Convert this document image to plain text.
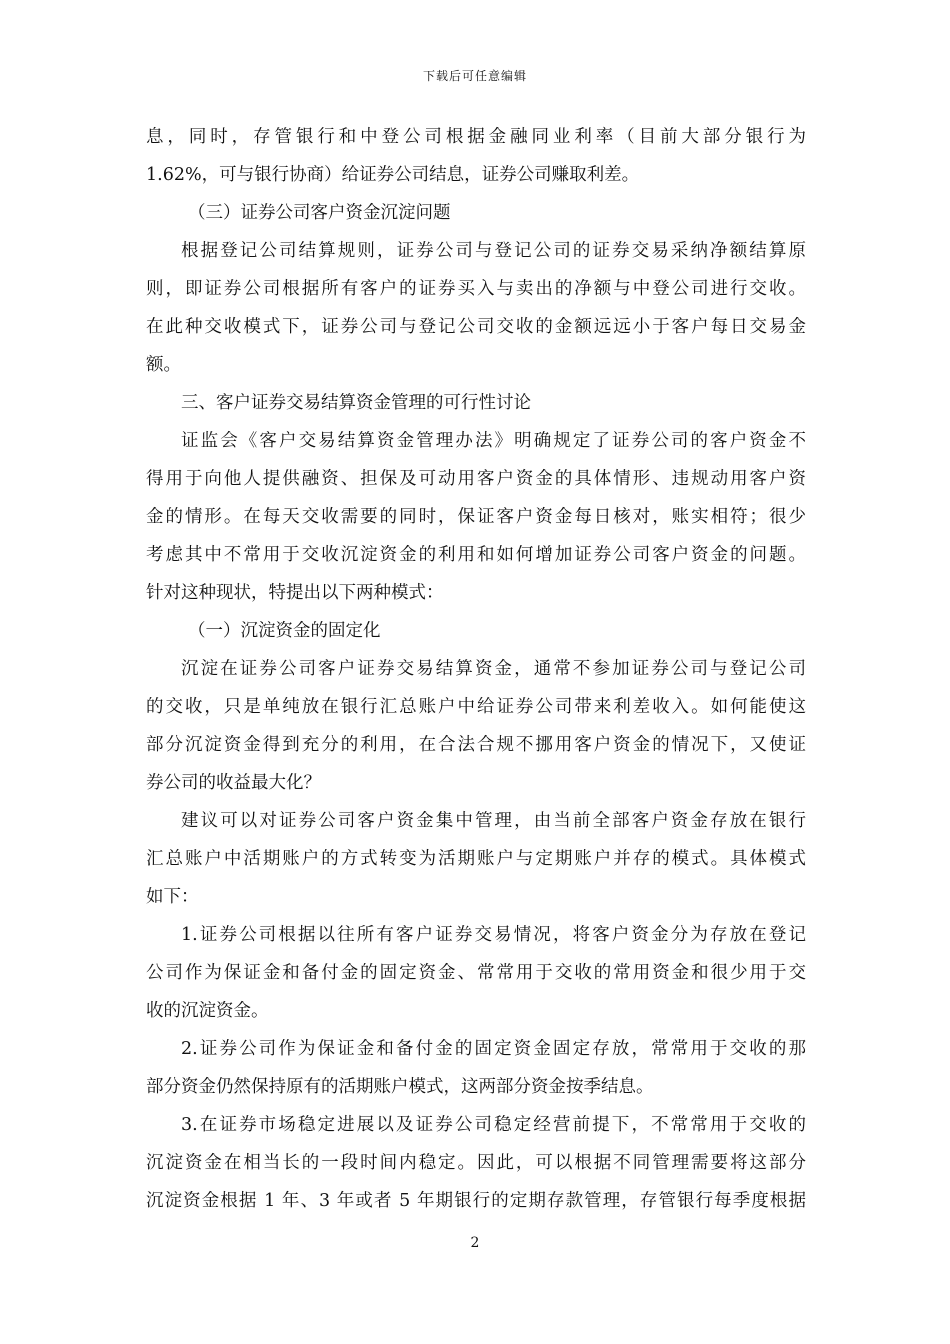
下载后可任意编辑
息，同时，存管银行和中登公司根据金融同业利率（目前大部分银行为
1.62%，可与银行协商）给证券公司结息，证券公司赚取利差。
（三）证券公司客户资金沉淀问题
根据登记公司结算规则，证券公司与登记公司的证券交易采纳净额结算原
则，即证券公司根据所有客户的证券买入与卖出的净额与中登公司进行交收。
在此种交收模式下，证券公司与登记公司交收的金额远远小于客户每日交易金
额。
三、客户证券交易结算资金管理的可行性讨论
证监会《客户交易结算资金管理办法》明确规定了证券公司的客户资金不
得用于向他人提供融资、担保及可动用客户资金的具体情形、违规动用客户资
金的情形。在每天交收需要的同时，保证客户资金每日核对，账实相符；很少
考虑其中不常用于交收沉淀资金的利用和如何增加证券公司客户资金的问题。
针对这种现状，特提出以下两种模式：
（一）沉淀资金的固定化
沉淀在证券公司客户证券交易结算资金，通常不参加证券公司与登记公司
的交收，只是单纯放在银行汇总账户中给证券公司带来利差收入。如何能使这
部分沉淀资金得到充分的利用，在合法合规不挪用客户资金的情况下，又使证
券公司的收益最大化？
建议可以对证券公司客户资金集中管理，由当前全部客户资金存放在银行
汇总账户中活期账户的方式转变为活期账户与定期账户并存的模式。具体模式
如下：
1.证券公司根据以往所有客户证券交易情况，将客户资金分为存放在登记
公司作为保证金和备付金的固定资金、常常用于交收的常用资金和很少用于交
收的沉淀资金。
2.证券公司作为保证金和备付金的固定资金固定存放，常常用于交收的那
部分资金仍然保持原有的活期账户模式，这两部分资金按季结息。
3.在证券市场稳定进展以及证券公司稳定经营前提下，不常常用于交收的
沉淀资金在相当长的一段时间内稳定。因此，可以根据不同管理需要将这部分
沉淀资金根据 1 年、3 年或者 5 年期银行的定期存款管理，存管银行每季度根据
2
